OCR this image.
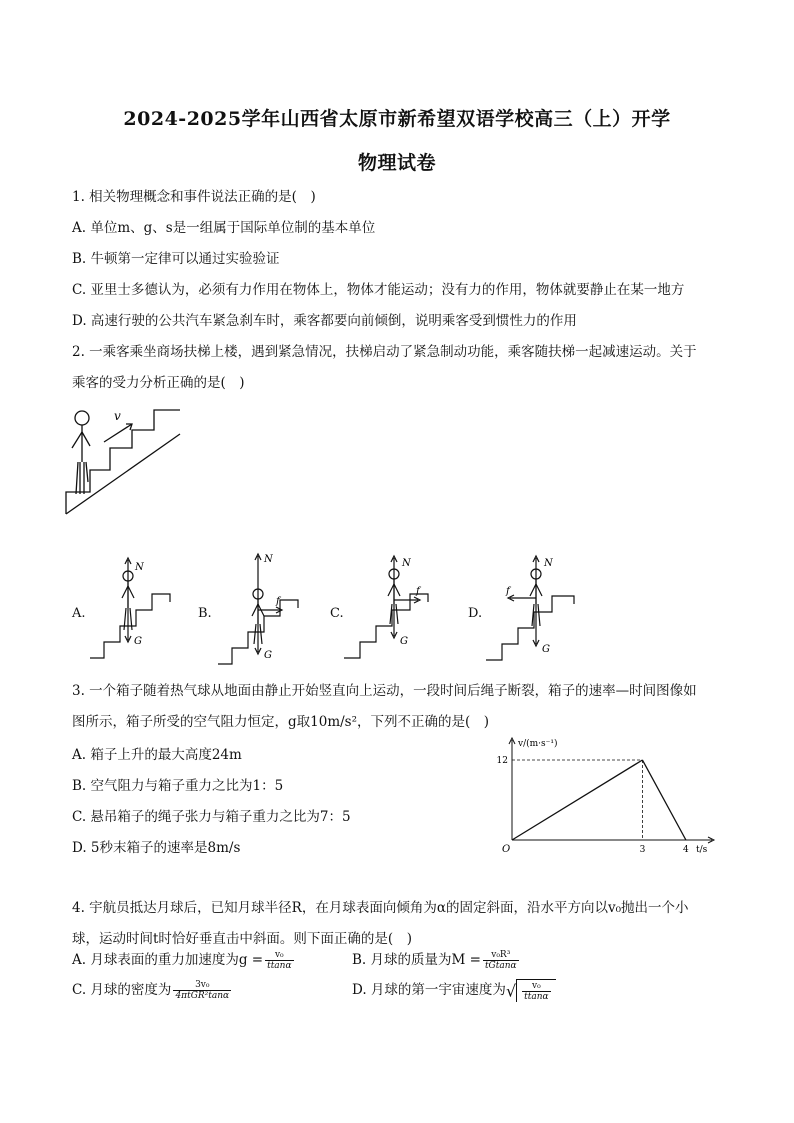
2024-2025学年山西省太原市新希望双语学校高三（上）开学
物理试卷
1. 相关物理概念和事件说法正确的是(　)
A. 单位m、g、s是一组属于国际单位制的基本单位
B. 牛顿第一定律可以通过实验验证
C. 亚里士多德认为，必须有力作用在物体上，物体才能运动；没有力的作用，物体就要静止在某一地方
D. 高速行驶的公共汽车紧急刹车时，乘客都要向前倾倒，说明乘客受到惯性力的作用
2. 一乘客乘坐商场扶梯上楼，遇到紧急情况，扶梯启动了紧急制动功能，乘客随扶梯一起减速运动。关于
乘客的受力分析正确的是(　)
v
A.	B.	C.	D.
N
G
N
f
G
N
f
G
N
f
G
3. 一个箱子随着热气球从地面由静止开始竖直向上运动，一段时间后绳子断裂，箱子的速率—时间图像如
图所示，箱子所受的空气阻力恒定，g取10m/s²，下列不正确的是(　)
A. 箱子上升的最大高度24m
B. 空气阻力与箱子重力之比为1：5
C. 悬吊箱子的绳子张力与箱子重力之比为7：5
D. 5秒末箱子的速率是8m/s
12
3	4
v/(m·s⁻¹)
t/s
O
4. 宇航员抵达月球后，已知月球半径R，在月球表面向倾角为α的固定斜面，沿水平方向以v₀抛出一个小
球，运动时间t时恰好垂直击中斜面。则下面正确的是(　)
A. 月球表面的重力加速度为$g = \frac{\text{v₀}}{ttan\alpha}$	B. 月球的质量为$M = \frac{\text{v₀R³}}{tGtan\alpha}$
C. 月球的密度为 $\frac{\text{3v₀}}{\text{4πtGR²tanα}}$	D. 月球的第一宇宙速度为 √ $\frac{\text{v₀}}{ttan\alpha}$
